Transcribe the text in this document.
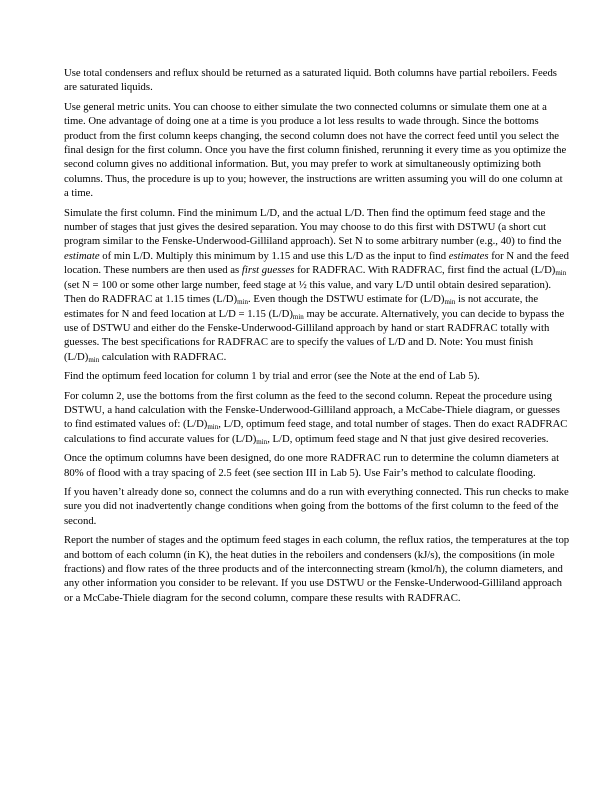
Use total condensers and reflux should be returned as a saturated liquid. Both columns have partial reboilers. Feeds are saturated liquids.

Use general metric units. You can choose to either simulate the two connected columns or simulate them one at a time. One advantage of doing one at a time is you produce a lot less results to wade through. Since the bottoms product from the first column keeps changing, the second column does not have the correct feed until you select the final design for the first column. Once you have the first column finished, rerunning it every time as you optimize the second column gives no additional information. But, you may prefer to work at simultaneously optimizing both columns. Thus, the procedure is up to you; however, the instructions are written assuming you will do one column at a time.

Simulate the first column. Find the minimum L/D, and the actual L/D. Then find the optimum feed stage and the number of stages that just gives the desired separation. You may choose to do this first with DSTWU (a short cut program similar to the Fenske-Underwood-Gilliland approach). Set N to some arbitrary number (e.g., 40) to find the estimate of min L/D. Multiply this minimum by 1.15 and use this L/D as the input to find estimates for N and the feed location. These numbers are then used as first guesses for RADFRAC. With RADFRAC, first find the actual $(L/D)_{min}$ (set N = 100 or some other large number, feed stage at ½ this value, and vary L/D until obtain desired separation). Then do RADFRAC at 1.15 times $(L/D)_{min}$. Even though the DSTWU estimate for $(L/D)_{min}$ is not accurate, the estimates for N and feed location at L/D = 1.15 $(L/D)_{min}$ may be accurate. Alternatively, you can decide to bypass the use of DSTWU and either do the Fenske-Underwood-Gilliland approach by hand or start RADFRAC totally with guesses. The best specifications for RADFRAC are to specify the values of L/D and D. Note: You must finish $(L/D)_{min}$ calculation with RADFRAC.

Find the optimum feed location for column 1 by trial and error (see the Note at the end of Lab 5).

For column 2, use the bottoms from the first column as the feed to the second column. Repeat the procedure using DSTWU, a hand calculation with the Fenske-Underwood-Gilliland approach, a McCabe-Thiele diagram, or guesses to find estimated values of: $(L/D)_{min}$, L/D, optimum feed stage, and total number of stages. Then do exact RADFRAC calculations to find accurate values for $(L/D)_{min}$, L/D, optimum feed stage and N that just give desired recoveries.

Once the optimum columns have been designed, do one more RADFRAC run to determine the column diameters at 80% of flood with a tray spacing of 2.5 feet (see section III in Lab 5). Use Fair’s method to calculate flooding.

If you haven’t already done so, connect the columns and do a run with everything connected. This run checks to make sure you did not inadvertently change conditions when going from the bottoms of the first column to the feed of the second.

Report the number of stages and the optimum feed stages in each column, the reflux ratios, the temperatures at the top and bottom of each column (in K), the heat duties in the reboilers and condensers (kJ/s), the compositions (in mole fractions) and flow rates of the three products and of the interconnecting stream (kmol/h), the column diameters, and any other information you consider to be relevant. If you use DSTWU or the Fenske-Underwood-Gilliland approach or a McCabe-Thiele diagram for the second column, compare these results with RADFRAC.
